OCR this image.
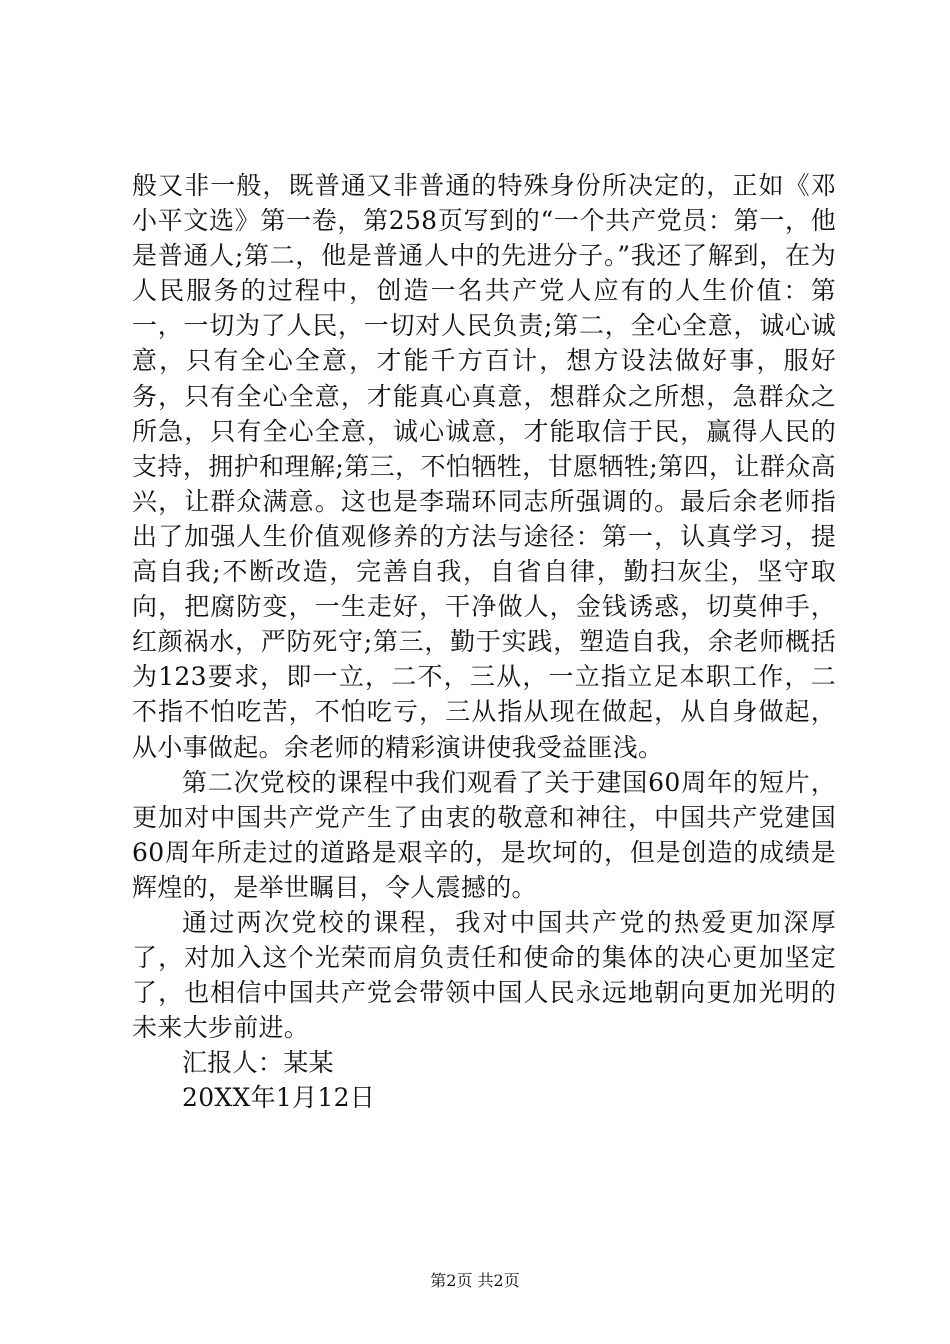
般又非一般，既普通又非普通的特殊身份所决定的，正如《邓小平文选》第一卷，第258页写到的“一个共产党员：第一，他是普通人;第二，他是普通人中的先进分子。”我还了解到，在为人民服务的过程中，创造一名共产党人应有的人生价值：第一，一切为了人民，一切对人民负责;第二，全心全意，诚心诚意，只有全心全意，才能千方百计，想方设法做好事，服好务，只有全心全意，才能真心真意，想群众之所想，急群众之所急，只有全心全意，诚心诚意，才能取信于民，赢得人民的支持，拥护和理解;第三，不怕牺牲，甘愿牺牲;第四，让群众高兴，让群众满意。这也是李瑞环同志所强调的。最后余老师指出了加强人生价值观修养的方法与途径：第一，认真学习，提高自我;不断改造，完善自我，自省自律，勤扫灰尘，坚守取向，把腐防变，一生走好，干净做人，金钱诱惑，切莫伸手，红颜祸水，严防死守;第三，勤于实践，塑造自我，余老师概括为123要求，即一立，二不，三从，一立指立足本职工作，二不指不怕吃苦，不怕吃亏，三从指从现在做起，从自身做起，从小事做起。余老师的精彩演讲使我受益匪浅。

第二次党校的课程中我们观看了关于建国60周年的短片，更加对中国共产党产生了由衷的敬意和神往，中国共产党建国60周年所走过的道路是艰辛的，是坎坷的，但是创造的成绩是辉煌的，是举世瞩目，令人震撼的。

通过两次党校的课程，我对中国共产党的热爱更加深厚了，对加入这个光荣而肩负责任和使命的集体的决心更加坚定了，也相信中国共产党会带领中国人民永远地朝向更加光明的未来大步前进。

汇报人：某某

20XX年1月12日

第2页 共2页
